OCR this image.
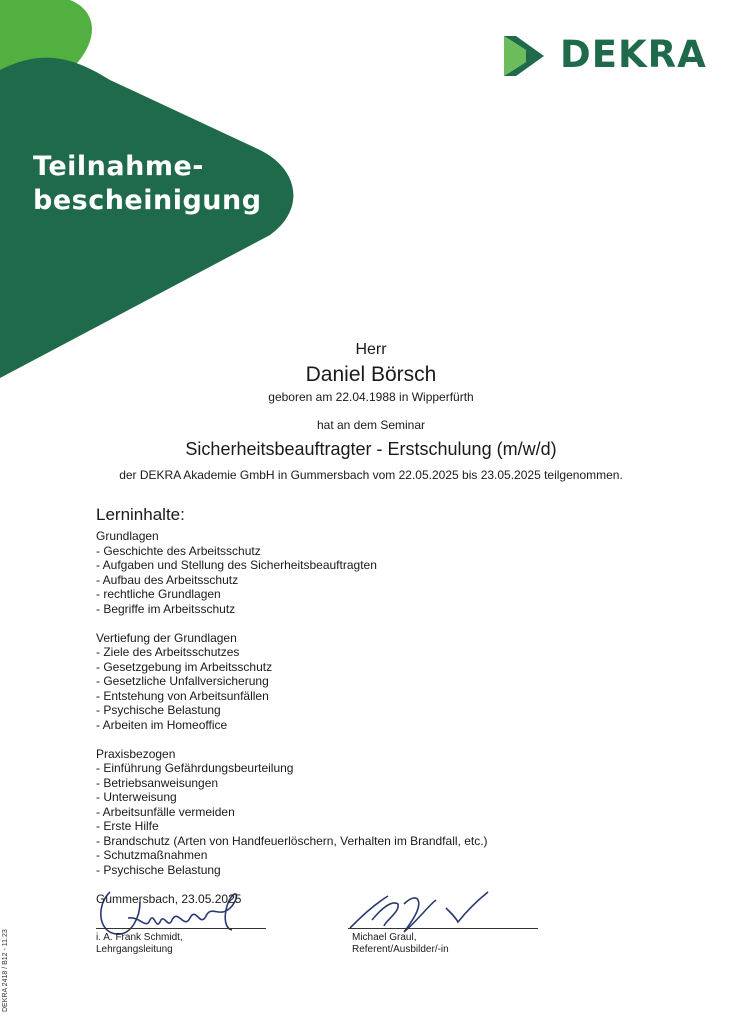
Teilnahme-
bescheinigung
DEKRA
Herr
Daniel Börsch
geboren am 22.04.1988 in Wipperfürth
hat an dem Seminar
Sicherheitsbeauftragter - Erstschulung (m/w/d)
der DEKRA Akademie GmbH in Gummersbach vom 22.05.2025 bis 23.05.2025 teilgenommen.
Lerninhalte:
Grundlagen
- Geschichte des Arbeitsschutz
- Aufgaben und Stellung des Sicherheitsbeauftragten
- Aufbau des Arbeitsschutz
- rechtliche Grundlagen
- Begriffe im Arbeitsschutz
Vertiefung der Grundlagen
- Ziele des Arbeitsschutzes
- Gesetzgebung im Arbeitsschutz
- Gesetzliche Unfallversicherung
- Entstehung von Arbeitsunfällen
- Psychische Belastung
- Arbeiten im Homeoffice
Praxisbezogen
- Einführung Gefährdungsbeurteilung
- Betriebsanweisungen
- Unterweisung
- Arbeitsunfälle vermeiden
- Erste Hilfe
- Brandschutz (Arten von Handfeuerlöschern, Verhalten im Brandfall, etc.)
- Schutzmaßnahmen
- Psychische Belastung
Gummersbach, 23.05.2025
i. A. Frank Schmidt,
Lehrgangsleitung
Michael Graul,
Referent/Ausbilder/-in
DEKRA 2418 / B12 - 11.23
